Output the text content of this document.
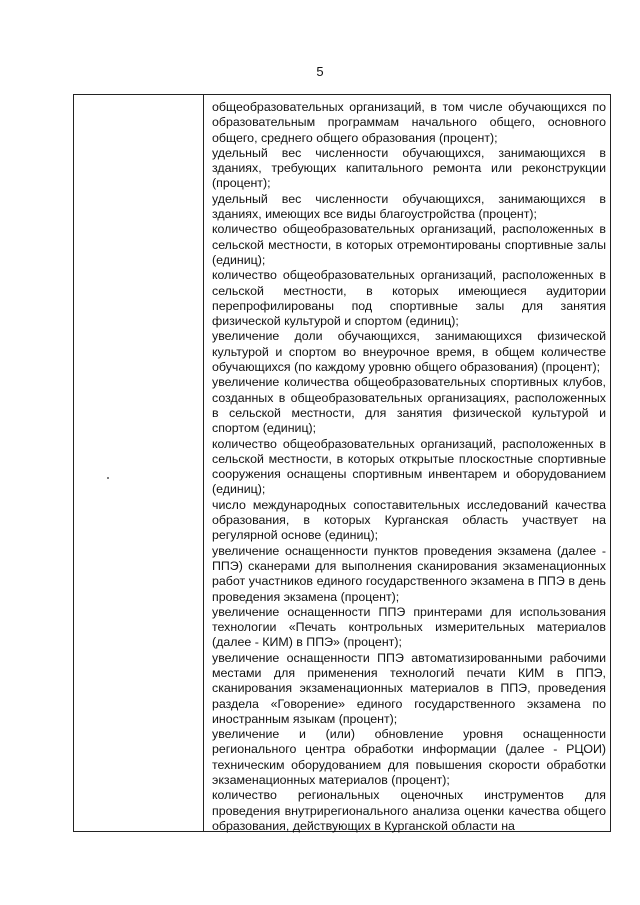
5

общеобразовательных организаций, в том числе обучающихся по образовательным программам начального общего, основного общего, среднего общего образования (процент);

удельный вес численности обучающихся, занимающихся в зданиях, требующих капитального ремонта или реконструкции (процент);

удельный вес численности обучающихся, занимающихся в зданиях, имеющих все виды благоустройства (процент);

количество общеобразовательных организаций, расположенных в сельской местности, в которых отремонтированы спортивные залы (единиц);

количество общеобразовательных организаций, расположенных в сельской местности, в которых имеющиеся аудитории перепрофилированы под спортивные залы для занятия физической культурой и спортом (единиц);

увеличение доли обучающихся, занимающихся физической культурой и спортом во внеурочное время, в общем количестве обучающихся (по каждому уровню общего образования) (процент);

увеличение количества общеобразовательных спортивных клубов, созданных в общеобразовательных организациях, расположенных в сельской местности, для занятия физической культурой и спортом (единиц);

количество общеобразовательных организаций, расположенных в сельской местности, в которых открытые плоскостные спортивные сооружения оснащены спортивным инвентарем и оборудованием (единиц);

число международных сопоставительных исследований качества образования, в которых Курганская область участвует на регулярной основе (единиц);

увеличение оснащенности пунктов проведения экзамена (далее - ППЭ) сканерами для выполнения сканирования экзаменационных работ участников единого государственного экзамена в ППЭ в день проведения экзамена (процент);

увеличение оснащенности ППЭ принтерами для использования технологии «Печать контрольных измерительных материалов (далее - КИМ) в ППЭ» (процент);

увеличение оснащенности ППЭ автоматизированными рабочими местами для применения технологий печати КИМ в ППЭ, сканирования экзаменационных материалов в ППЭ, проведения раздела «Говорение» единого государственного экзамена по иностранным языкам (процент);

увеличение и (или) обновление уровня оснащенности регионального центра обработки информации (далее - РЦОИ) техническим оборудованием для повышения скорости обработки экзаменационных материалов (процент);

количество региональных оценочных инструментов для проведения внутрирегионального анализа оценки качества общего образования, действующих в Курганской области на
